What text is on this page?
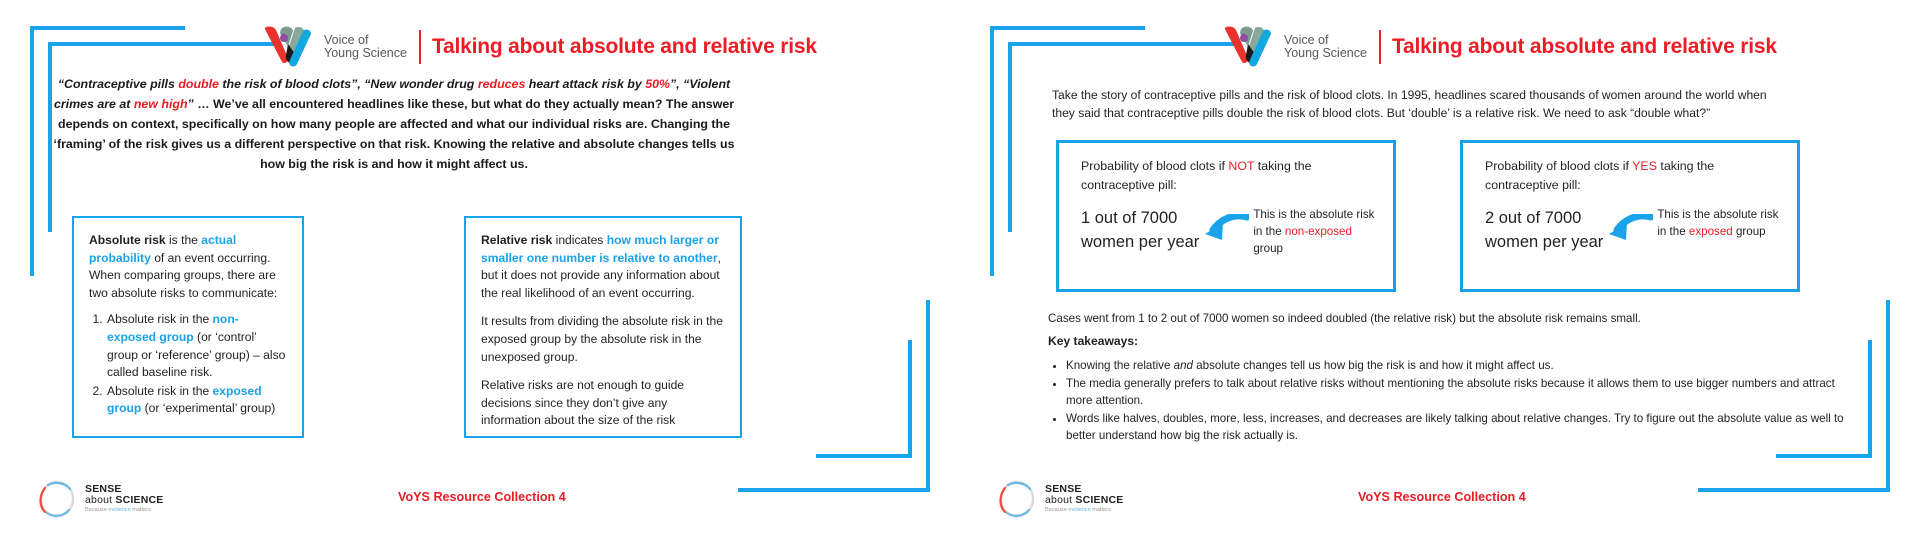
Voice of
Young Science Talking about absolute and relative risk
“Contraceptive pills double the risk of blood clots”, “New wonder drug reduces heart attack risk by 50%”, “Violent crimes are at new high” … We’ve all encountered headlines like these, but what do they actually mean? The answer depends on context, specifically on how many people are affected and what our individual risks are. Changing the ‘framing’ of the risk gives us a different perspective on that risk. Knowing the relative and absolute changes tells us how big the risk is and how it might affect us.
Absolute risk is the actual probability of an event occurring. When comparing groups, there are two absolute risks to communicate:
1. Absolute risk in the non-exposed group (or ‘control’ group or ‘reference’ group) – also called baseline risk.
2. Absolute risk in the exposed group (or ‘experimental’ group)
Relative risk indicates how much larger or smaller one number is relative to another, but it does not provide any information about the real likelihood of an event occurring.
It results from dividing the absolute risk in the exposed group by the absolute risk in the unexposed group.
Relative risks are not enough to guide decisions since they don’t give any information about the size of the risk
SENSE
about SCIENCE
Because evidence matters
VoYS Resource Collection 4
Voice of
Young Science Talking about absolute and relative risk
Take the story of contraceptive pills and the risk of blood clots. In 1995, headlines scared thousands of women around the world when they said that contraceptive pills double the risk of blood clots. But ‘double’ is a relative risk. We need to ask “double what?”
Probability of blood clots if NOT taking the contraceptive pill:
1 out of 7000
women per year
This is the absolute risk in the non-exposed group
Probability of blood clots if YES taking the contraceptive pill:
2 out of 7000
women per year
This is the absolute risk in the exposed group
Cases went from 1 to 2 out of 7000 women so indeed doubled (the relative risk) but the absolute risk remains small.
Key takeaways:
• Knowing the relative and absolute changes tell us how big the risk is and how it might affect us.
• The media generally prefers to talk about relative risks without mentioning the absolute risks because it allows them to use bigger numbers and attract more attention.
• Words like halves, doubles, more, less, increases, and decreases are likely talking about relative changes. Try to figure out the absolute value as well to better understand how big the risk actually is.
SENSE
about SCIENCE
Because evidence matters
VoYS Resource Collection 4
